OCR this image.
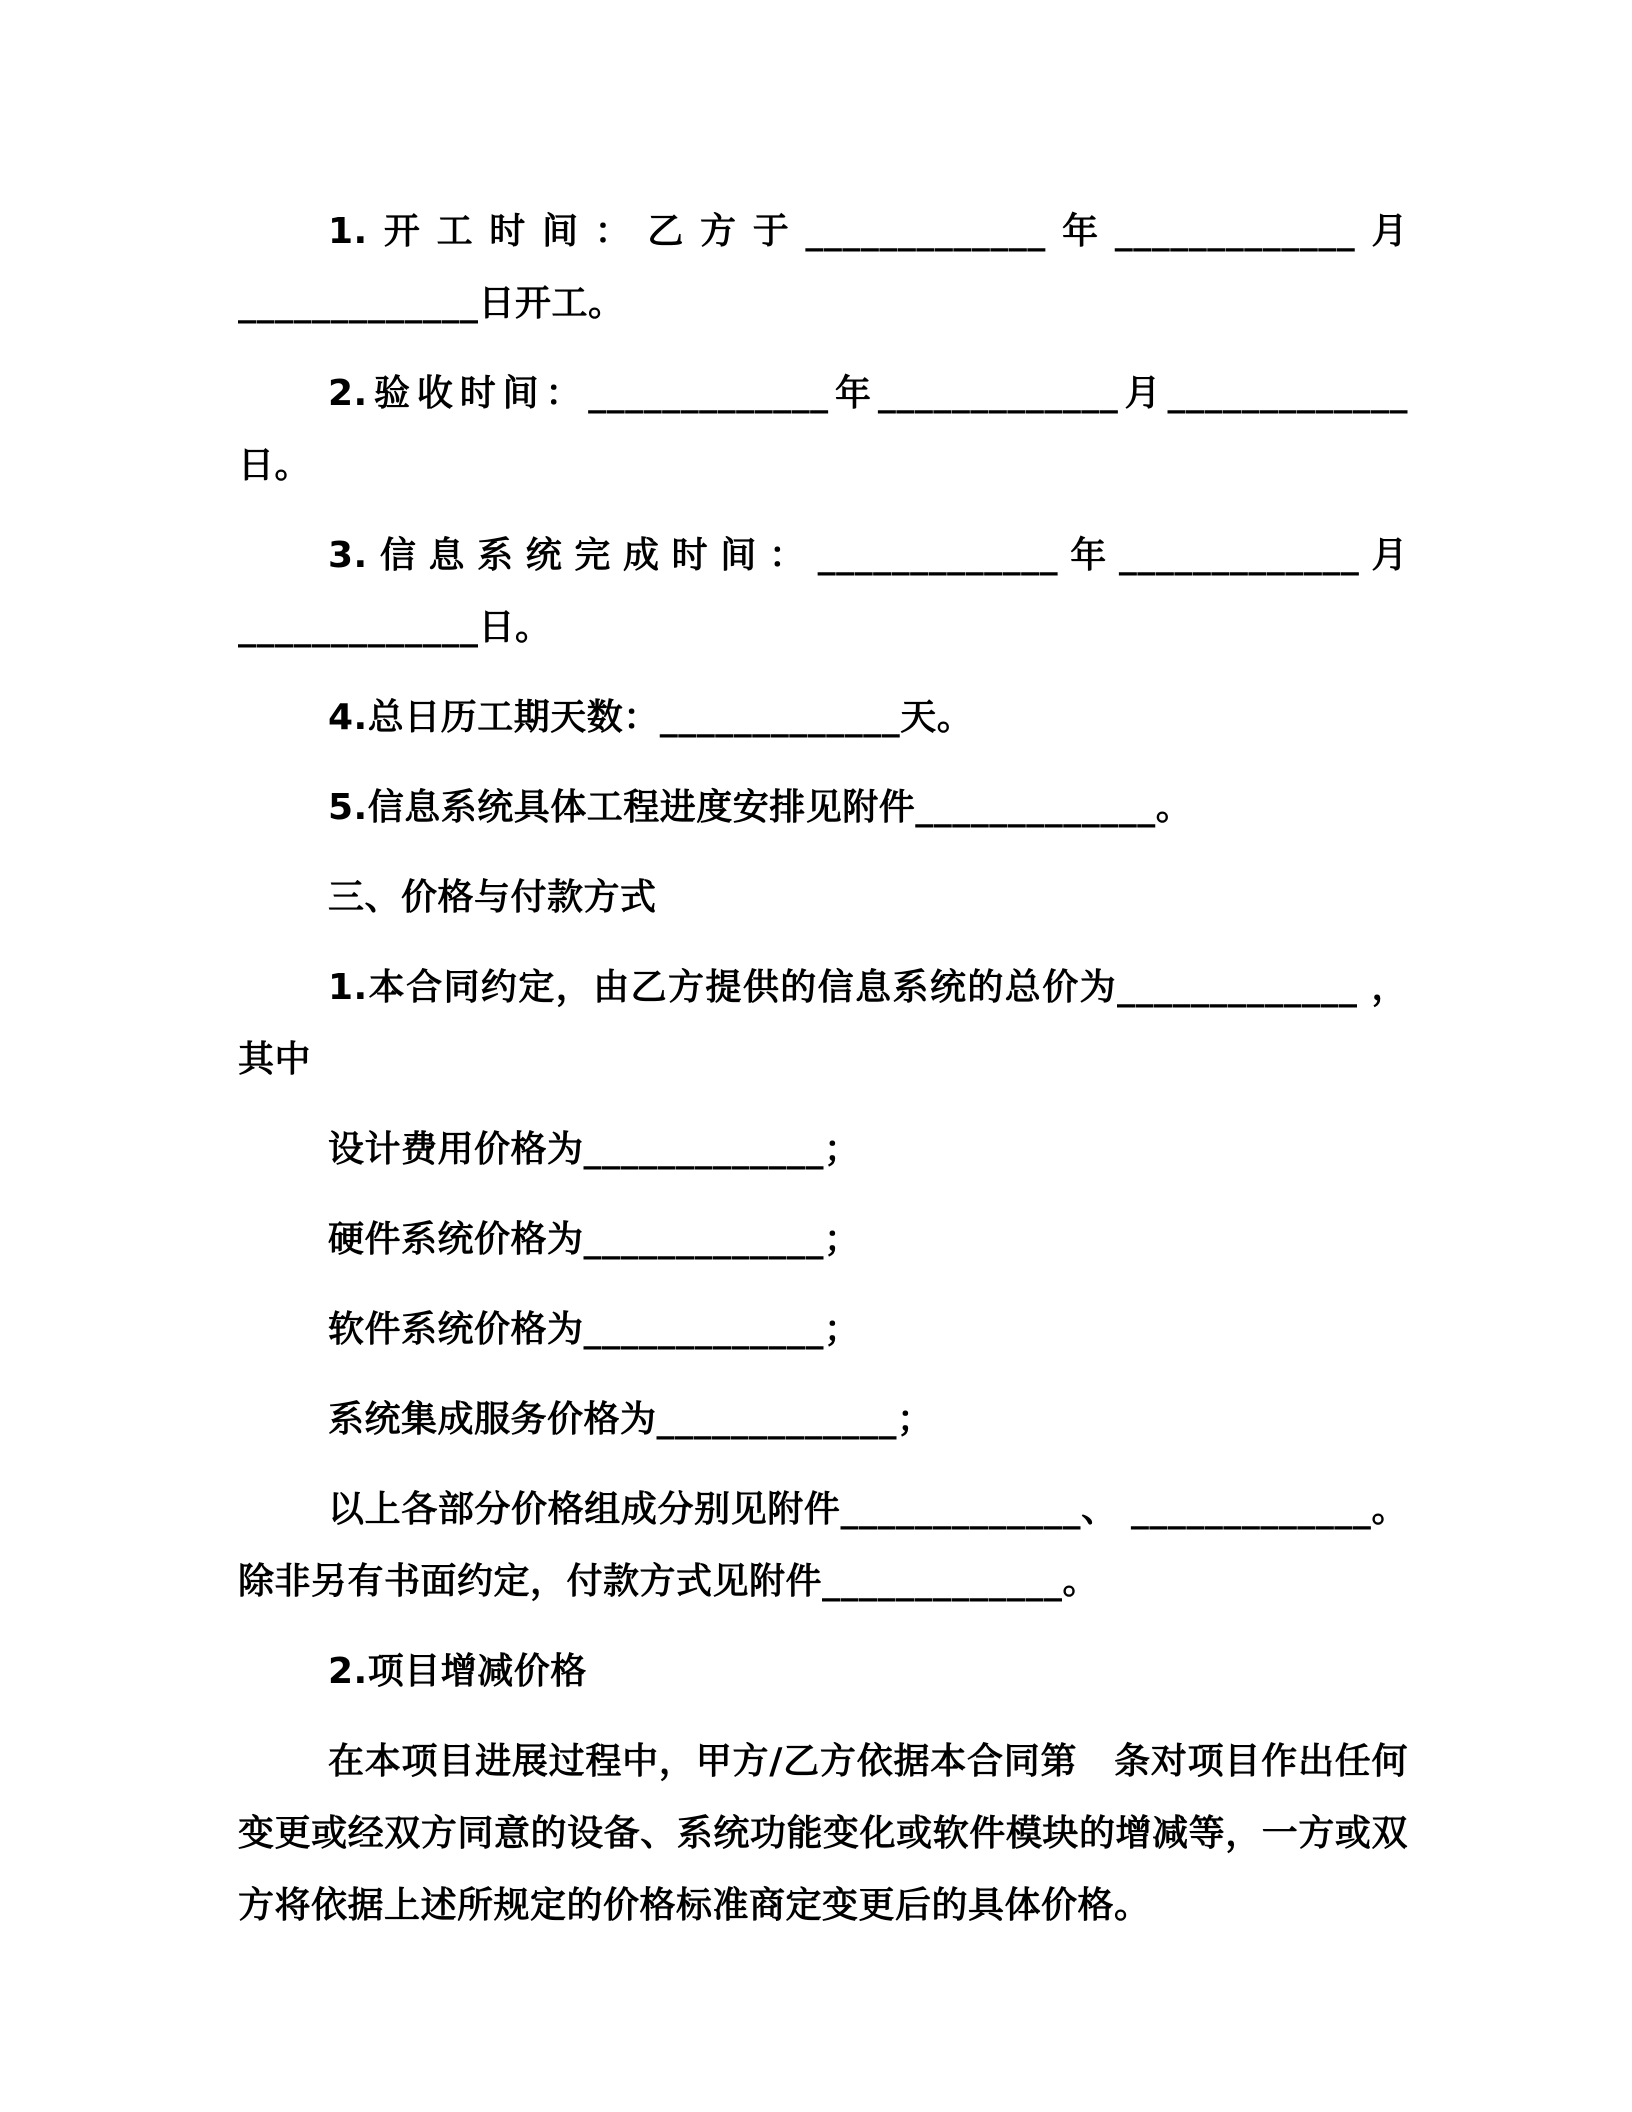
1.开工时间：乙方于_____________年_____________月_____________日开工。

2.验收时间：_____________年_____________月_____________日。

3.信息系统完成时间：_____________年_____________月_____________日。

4.总日历工期天数：_____________天。

5.信息系统具体工程进度安排见附件_____________。

三、价格与付款方式

1.本合同约定，由乙方提供的信息系统的总价为_____________ ，其中

设计费用价格为_____________；

硬件系统价格为_____________；

软件系统价格为_____________；

系统集成服务价格为_____________；

以上各部分价格组成分别见附件_____________、 _____________。除非另有书面约定，付款方式见附件_____________。

2.项目增减价格

在本项目进展过程中，甲方/乙方依据本合同第　条对项目作出任何变更或经双方同意的设备、系统功能变化或软件模块的增减等，一方或双方将依据上述所规定的价格标准商定变更后的具体价格。
